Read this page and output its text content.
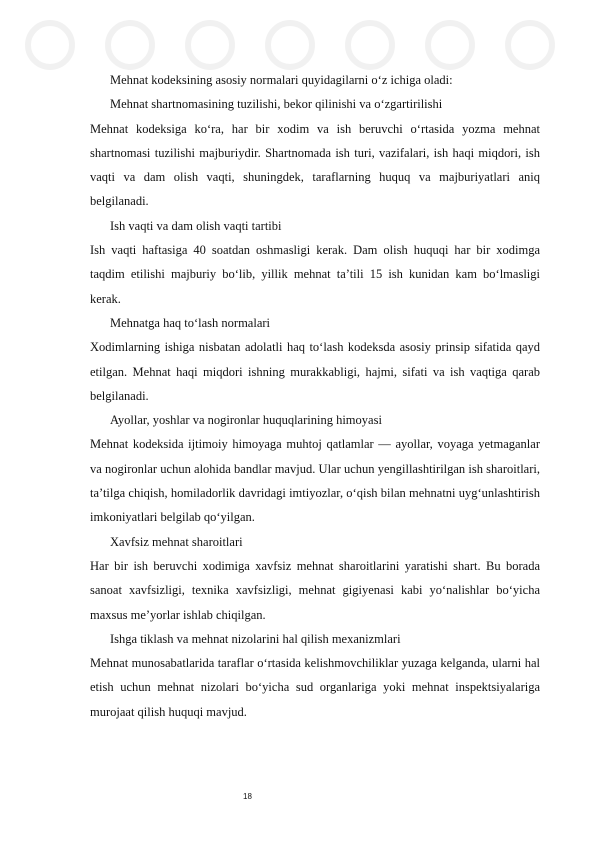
Mehnat kodeksining asosiy normalari quyidagilarni o‘z ichiga oladi:
Mehnat shartnomasining tuzilishi, bekor qilinishi va o‘zgartirilishi
Mehnat kodeksiga ko‘ra, har bir xodim va ish beruvchi o‘rtasida yozma mehnat shartnomasi tuzilishi majburiydir. Shartnomada ish turi, vazifalari, ish haqi miqdori, ish vaqti va dam olish vaqti, shuningdek, taraflarning huquq va majburiyatlari aniq belgilanadi.
Ish vaqti va dam olish vaqti tartibi
Ish vaqti haftasiga 40 soatdan oshmasligi kerak. Dam olish huquqi har bir xodimga taqdim etilishi majburiy bo‘lib, yillik mehnat ta’tili 15 ish kunidan kam bo‘lmasligi kerak.
Mehnatga haq to‘lash normalari
Xodimlarning ishiga nisbatan adolatli haq to‘lash kodeksda asosiy prinsip sifatida qayd etilgan. Mehnat haqi miqdori ishning murakkabligi, hajmi, sifati va ish vaqtiga qarab belgilanadi.
Ayollar, yoshlar va nogironlar huquqlarining himoyasi
Mehnat kodeksida ijtimoiy himoyaga muhtoj qatlamlar — ayollar, voyaga yetmaganlar va nogironlar uchun alohida bandlar mavjud. Ular uchun yengillashtirilgan ish sharoitlari, ta’tilga chiqish, homiladorlik davridagi imtiyozlar, o‘qish bilan mehnatni uyg‘unlashtirish imkoniyatlari belgilab qo‘yilgan.
Xavfsiz mehnat sharoitlari
Har bir ish beruvchi xodimiga xavfsiz mehnat sharoitlarini yaratishi shart. Bu borada sanoat xavfsizligi, texnika xavfsizligi, mehnat gigiyenasi kabi yo‘nalishlar bo‘yicha maxsus me’yorlar ishlab chiqilgan.
Ishga tiklash va mehnat nizolarini hal qilish mexanizmlari
Mehnat munosabatlarida taraflar o‘rtasida kelishmovchiliklar yuzaga kelganda, ularni hal etish uchun mehnat nizolari bo‘yicha sud organlariga yoki mehnat inspektsiyalariga murojaat qilish huquqi mavjud.
18
